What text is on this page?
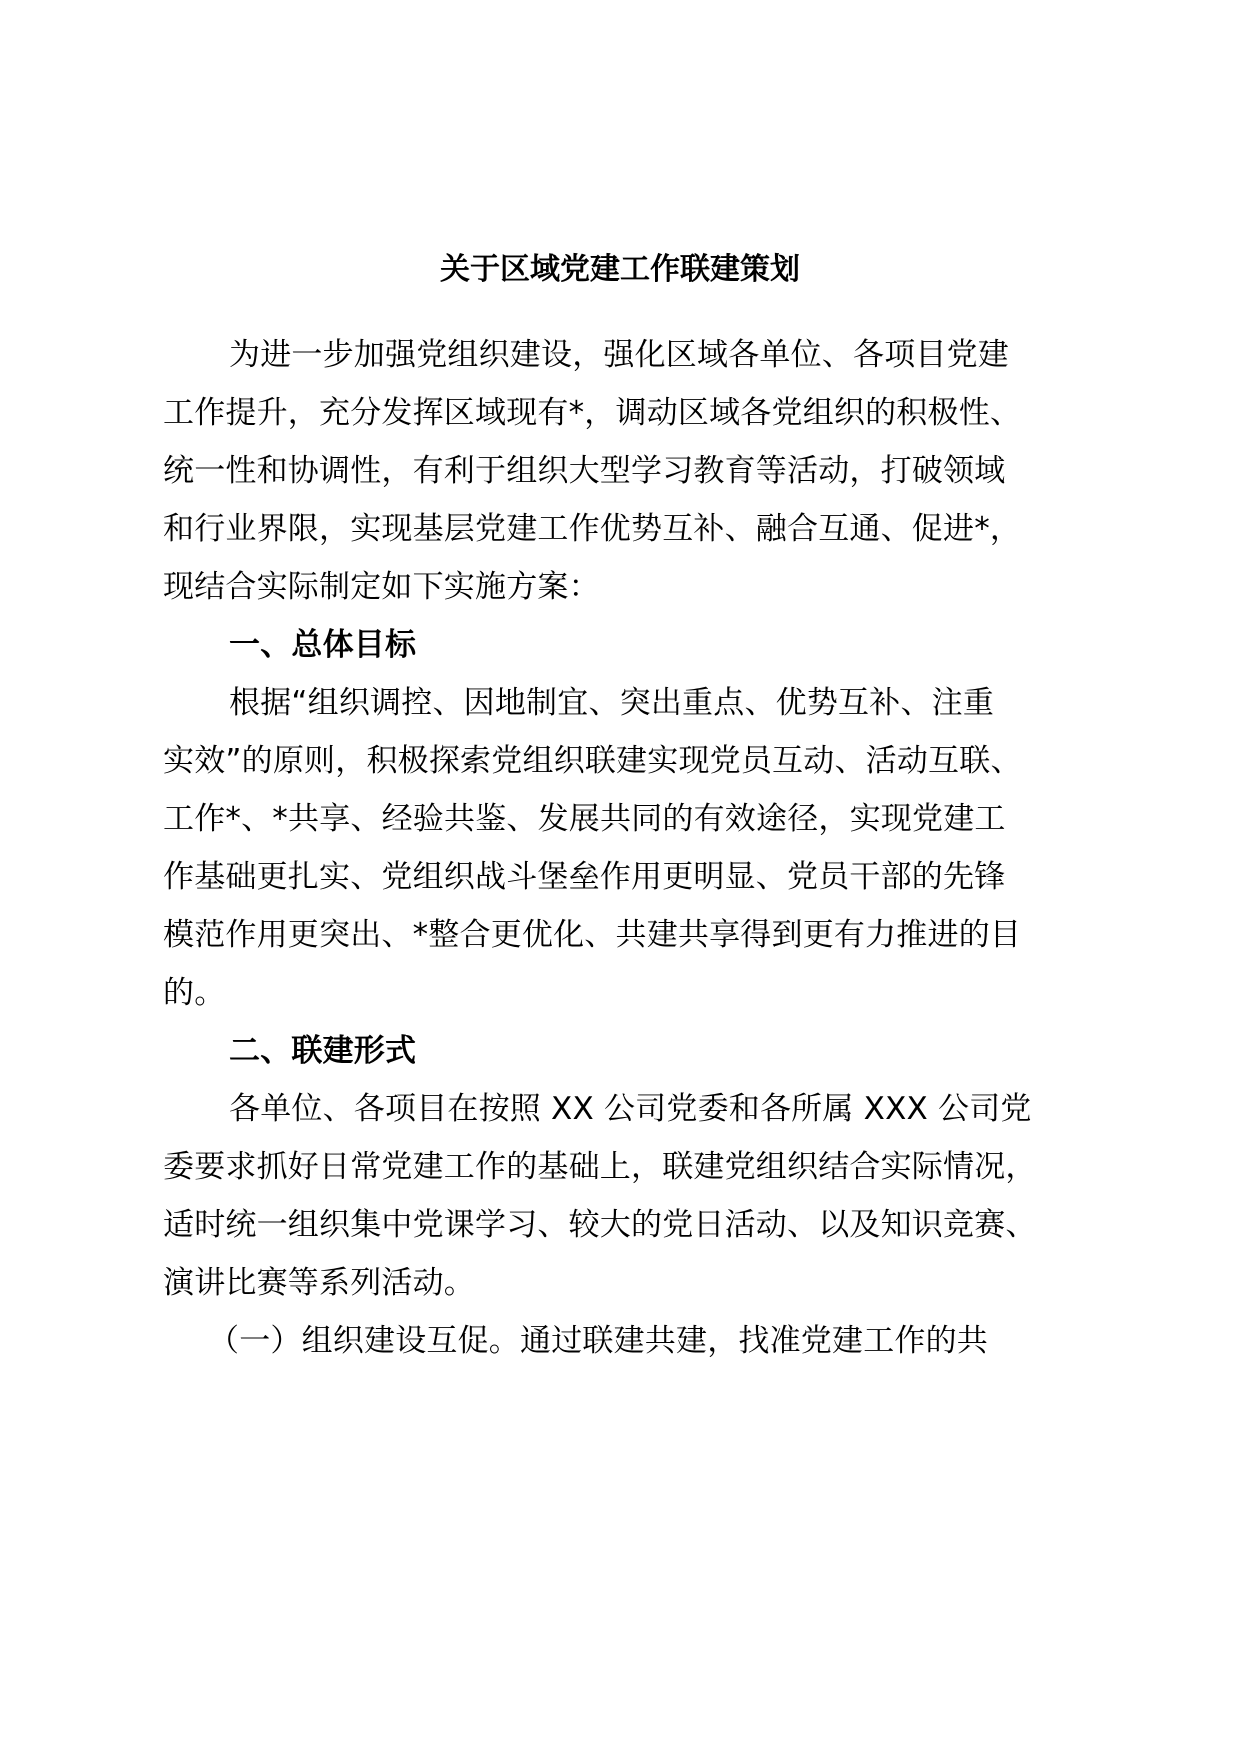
关于区域党建工作联建策划
为进一步加强党组织建设，强化区域各单位、各项目党建
工作提升，充分发挥区域现有*，调动区域各党组织的积极性、
统一性和协调性，有利于组织大型学习教育等活动，打破领域
和行业界限，实现基层党建工作优势互补、融合互通、促进*，
现结合实际制定如下实施方案：
一、总体目标
根据“组织调控、因地制宜、突出重点、优势互补、注重
实效”的原则，积极探索党组织联建实现党员互动、活动互联、
工作*、*共享、经验共鉴、发展共同的有效途径，实现党建工
作基础更扎实、党组织战斗堡垒作用更明显、党员干部的先锋
模范作用更突出、*整合更优化、共建共享得到更有力推进的目
的。
二、联建形式
各单位、各项目在按照 XX 公司党委和各所属 XXX 公司党
委要求抓好日常党建工作的基础上，联建党组织结合实际情况，
适时统一组织集中党课学习、较大的党日活动、以及知识竞赛、
演讲比赛等系列活动。
（一）组织建设互促。通过联建共建，找准党建工作的共
